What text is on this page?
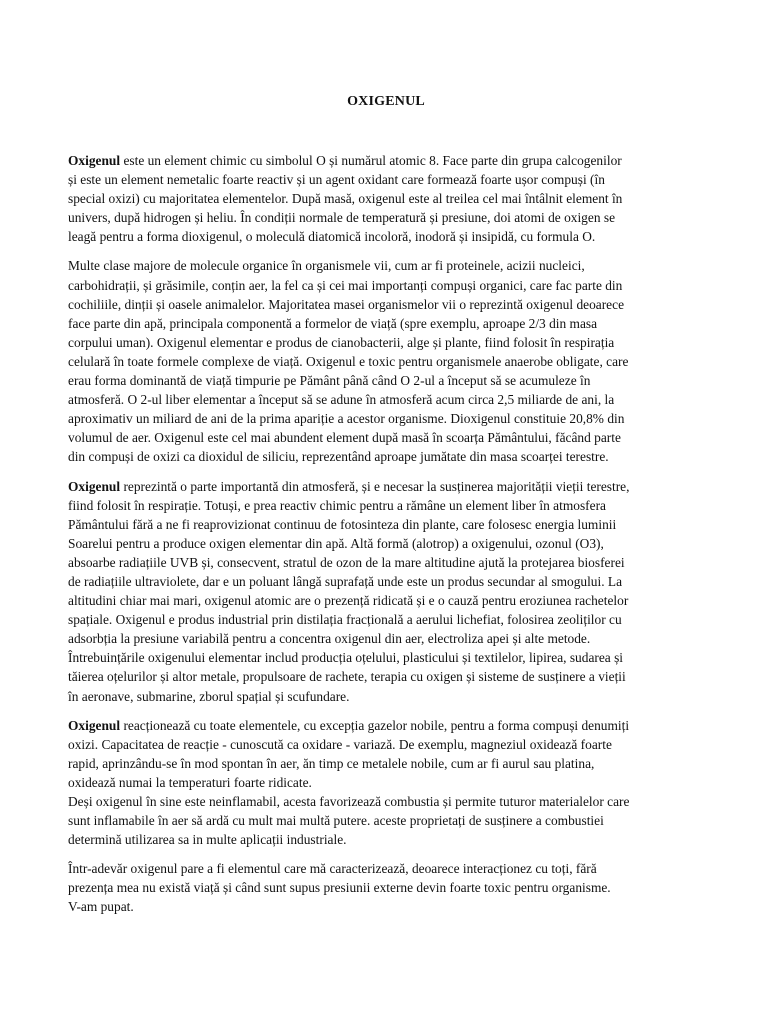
OXIGENUL

Oxigenul este un element chimic cu simbolul O și numărul atomic 8. Face parte din grupa calcogenilor
și este un element nemetalic foarte reactiv și un agent oxidant care formează foarte ușor compuși (în
special oxizi) cu majoritatea elementelor. După masă, oxigenul este al treilea cel mai întâlnit element în
univers, după hidrogen și heliu. În condiții normale de temperatură și presiune, doi atomi de oxigen se
leagă pentru a forma dioxigenul, o moleculă diatomică incoloră, inodoră și insipidă, cu formula O.

Multe clase majore de molecule organice în organismele vii, cum ar fi proteinele, acizii nucleici,
carbohidrații, și grăsimile, conțin aer, la fel ca și cei mai importanți compuși organici, care fac parte din
cochiliile, dinții și oasele animalelor. Majoritatea masei organismelor vii o reprezintă oxigenul deoarece
face parte din apă, principala componentă a formelor de viață (spre exemplu, aproape 2/3 din masa
corpului uman). Oxigenul elementar e produs de cianobacterii, alge și plante, fiind folosit în respirația
celulară în toate formele complexe de viață. Oxigenul e toxic pentru organismele anaerobe obligate, care
erau forma dominantă de viață timpurie pe Pământ până când O 2-ul a început să se acumuleze în
atmosferă. O 2-ul liber elementar a început să se adune în atmosferă acum circa 2,5 miliarde de ani, la
aproximativ un miliard de ani de la prima apariție a acestor organisme. Dioxigenul constituie 20,8% din
volumul de aer. Oxigenul este cel mai abundent element după masă în scoarța Pământului, făcând parte
din compuși de oxizi ca dioxidul de siliciu, reprezentând aproape jumătate din masa scoarței terestre.

Oxigenul reprezintă o parte importantă din atmosferă, și e necesar la susținerea majorității vieții terestre,
fiind folosit în respirație. Totuși, e prea reactiv chimic pentru a rămâne un element liber în atmosfera
Pământului fără a ne fi reaprovizionat continuu de fotosinteza din plante, care folosesc energia luminii
Soarelui pentru a produce oxigen elementar din apă. Altă formă (alotrop) a oxigenului, ozonul (O3),
absoarbe radiațiile UVB și, consecvent, stratul de ozon de la mare altitudine ajută la protejarea biosferei
de radiațiile ultraviolete, dar e un poluant lângă suprafață unde este un produs secundar al smogului. La
altitudini chiar mai mari, oxigenul atomic are o prezență ridicată și e o cauză pentru eroziunea rachetelor
spațiale. Oxigenul e produs industrial prin distilația fracțională a aerului lichefiat, folosirea zeoliților cu
adsorbția la presiune variabilă pentru a concentra oxigenul din aer, electroliza apei și alte metode.
Întrebuințările oxigenului elementar includ producția oțelului, plasticului și textilelor, lipirea, sudarea și
tăierea oțelurilor și altor metale, propulsoare de rachete, terapia cu oxigen și sisteme de susținere a vieții
în aeronave, submarine, zborul spațial și scufundare.

Oxigenul reacționează cu toate elementele, cu excepția gazelor nobile, pentru a forma compuși denumiți
oxizi. Capacitatea de reacție - cunoscută ca oxidare - variază. De exemplu, magneziul oxidează foarte
rapid, aprinzându-se în mod spontan în aer, ăn timp ce metalele nobile, cum ar fi aurul sau platina,
oxidează numai la temperaturi foarte ridicate.
Deși oxigenul în sine este neinflamabil, acesta favorizează combustia și permite tuturor materialelor care
sunt inflamabile în aer să ardă cu mult mai multă putere. aceste proprietați de susținere a combustiei
determină utilizarea sa in multe aplicații industriale.

Într-adevăr oxigenul pare a fi elementul care mă caracterizează, deoarece interacționez cu toți, fără
prezența mea nu există viață și când sunt supus presiunii externe devin foarte toxic pentru organisme.
V-am pupat.
